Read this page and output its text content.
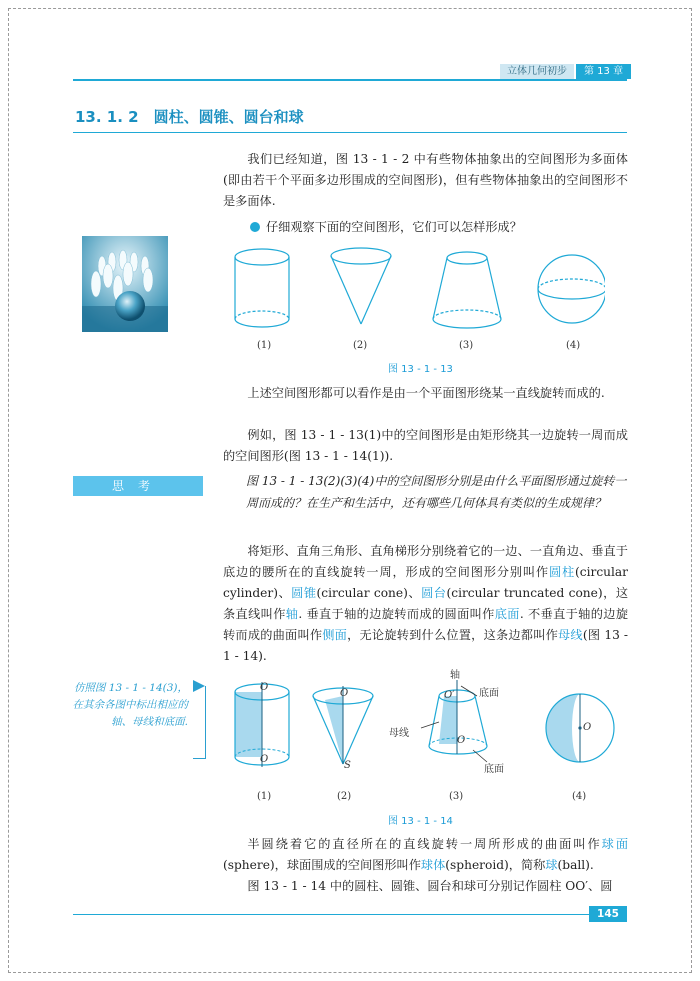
立体几何初步	第 13 章
13. 1. 2　圆柱、圆锥、圆台和球

我们已经知道，图 13 - 1 - 2 中有些物体抽象出的空间图形为多面体(即由若干个平面多边形围成的空间图形)，但有些物体抽象出的空间图形不是多面体.

仔细观察下面的空间图形，它们可以怎样形成？
(1)	(2)	(3)	(4)
图 13 - 1 - 13

上述空间图形都可以看作是由一个平面图形绕某一直线旋转而成的.

例如，图 13 - 1 - 13(1)中的空间图形是由矩形绕其一边旋转一周而成的空间图形(图 13 - 1 - 14(1)).

思考	图 13 - 1 - 13(2)(3)(4)中的空间图形分别是由什么平面图形通过旋转一周而成的？在生产和生活中，还有哪些几何体具有类似的生成规律？

将矩形、直角三角形、直角梯形分别绕着它的一边、一直角边、垂直于底边的腰所在的直线旋转一周，形成的空间图形分别叫作圆柱(circular cylinder)、圆锥(circular cone)、圆台(circular truncated cone)，这条直线叫作轴. 垂直于轴的边旋转而成的圆面叫作底面. 不垂直于轴的边旋转而成的曲面叫作侧面，无论旋转到什么位置，这条边都叫作母线(图 13 - 1 - 14).

仿照图 13 - 1 - 14(3)，在其余各图中标出相应的轴、母线和底面.

O
O
O
S
轴
O′ 底面
母线
O
底面
O
(1)	(2)	(3)	(4)
图 13 - 1 - 14

半圆绕着它的直径所在的直线旋转一周所形成的曲面叫作球面(sphere)，球面围成的空间图形叫作球体(spheroid)，简称球(ball).

图 13 - 1 - 14 中的圆柱、圆锥、圆台和球可分别记作圆柱 OO′、圆

145
